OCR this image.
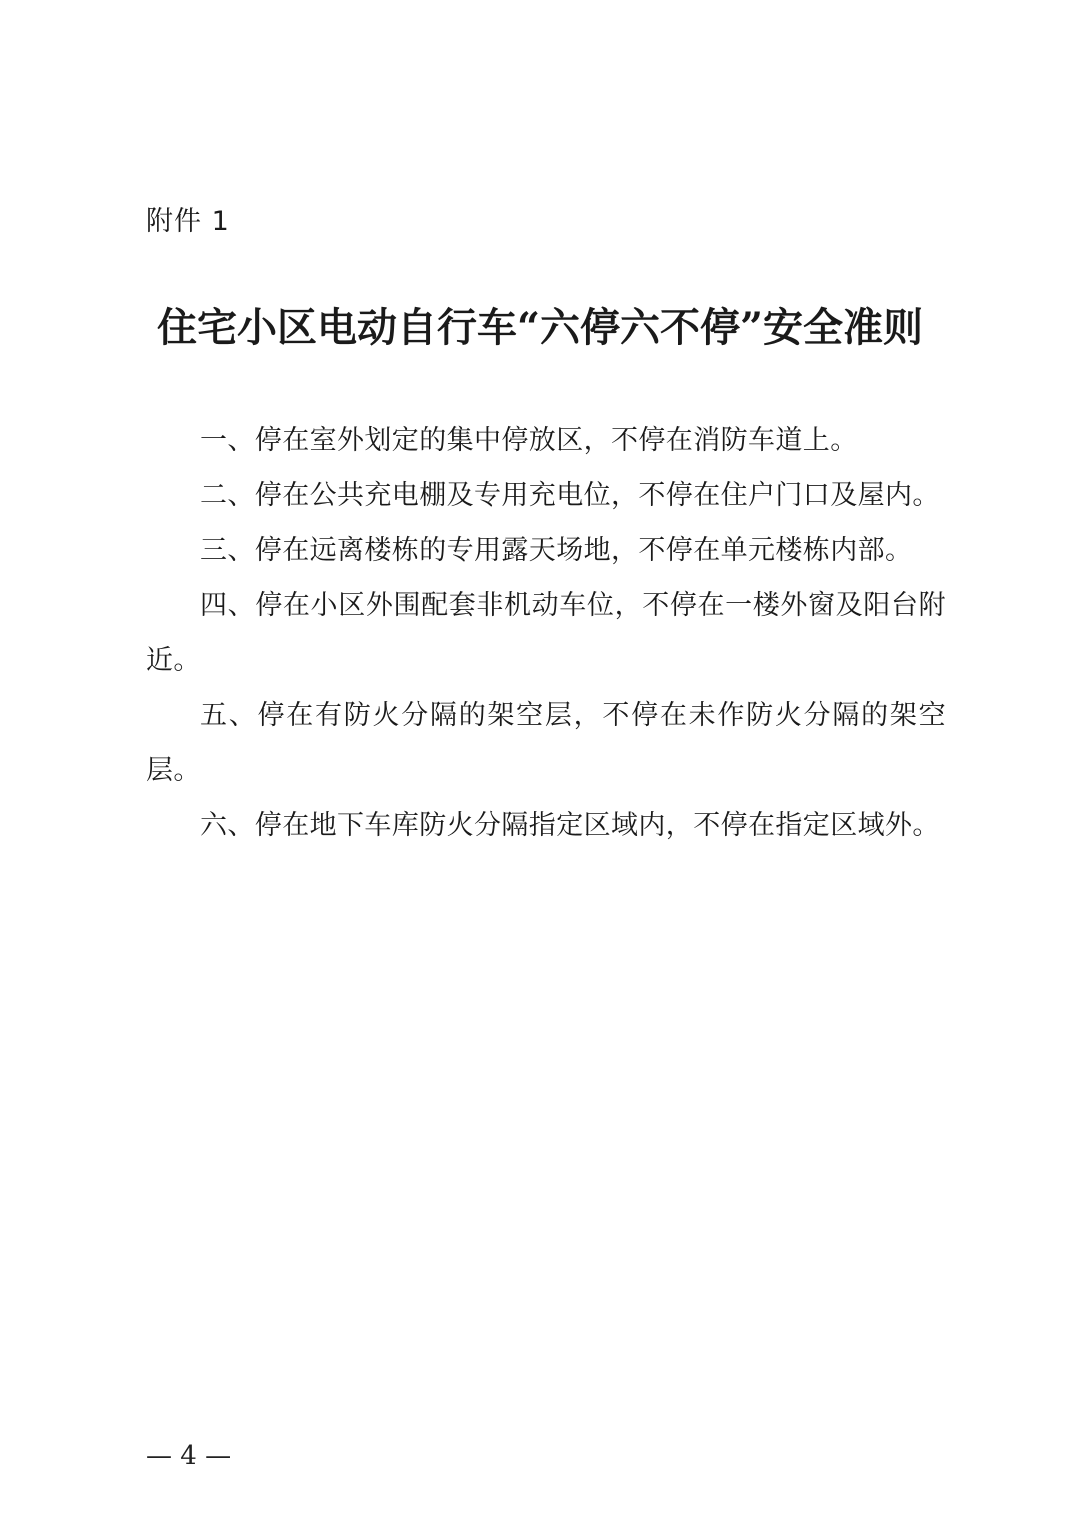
附件 1
住宅小区电动自行车“六停六不停”安全准则

一、停在室外划定的集中停放区，不停在消防车道上。

二、停在公共充电棚及专用充电位，不停在住户门口及屋内。

三、停在远离楼栋的专用露天场地，不停在单元楼栋内部。

四、停在小区外围配套非机动车位，不停在一楼外窗及阳台附近。

五、停在有防火分隔的架空层，不停在未作防火分隔的架空层。

六、停在地下车库防火分隔指定区域内，不停在指定区域外。

— 4 —
